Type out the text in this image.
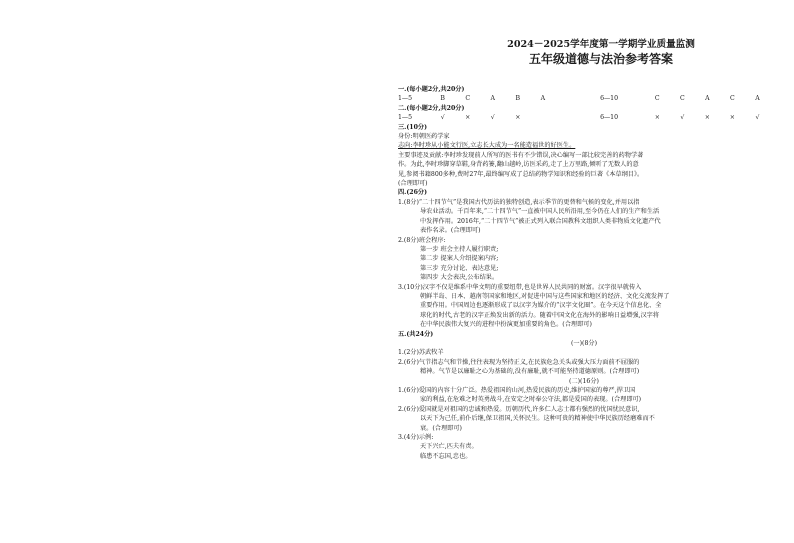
2024－2025学年度第一学期学业质量监测
五年级道德与法治参考答案
一.(每小题2分,共20分)
1—5	B	C	A	B	A	6—10	C	C	A	C	A
二.(每小题2分,共20分)
1—5	√	×	√	×	6—10	×	√	×	×	√
三.(10分)
身份:明朝医药学家
志向:李时珍从小能文行医,立志长大成为一名能造福世的好医生。
主要事迹及贡献:李时珍发现前人所写的医书有不少错误,决心编写一部比较完善的药物学著
作。为此,李时珍脚穿草鞋,身背药篓,翻山越岭,访医采药,走了上万里路,倾听了无数人的意
见,参阅书籍800多种,费时27年,最终编写成了总结药物学知识和经验的巨著《本草纲目》。
(合理即可)
四.(26分)
1.(8分)“二十四节气”是我国古代历法的独特创造,表示季节的更替和气候的变化,并用以指
导农业活动。千百年来,“二十四节气”一直被中国人民所沿用,至今仍在人们的生产和生活
中发挥作用。2016年,“二十四节气”被正式列入联合国教科文组织人类非物质文化遗产代
表作名录。(合理即可)
2.(8分)班会程序:
第一步 班会主持人履行职责;
第二步 提案人介绍提案内容;
第三步 充分讨论、表达意见;
第四步 大会表决,公布结果。
3.(10分)汉字不仅是维系中华文明的重要纽带,也是世界人民共同的财富。汉字很早就传入
朝鲜半岛、日本、越南等国家和地区,对促进中国与这些国家和地区的经济、文化交流发挥了
重要作用。中国周边也逐渐形成了以汉字为媒介的“汉字文化圈”。在今天这个信息化、全
球化的时代,古老的汉字正焕发出新的活力。随着中国文化在海外的影响日益增强,汉字将
在中华民族伟大复兴的进程中扮演更加重要的角色。(合理即可)
五.(共24分)
(一)(8分)
1.(2分)苏武牧羊
2.(6分)气节指志气和节操,往往表现为坚持正义,在民族危急关头或强大压力面前不屈服的
精神。气节是以廉耻之心为基础的,没有廉耻,就不可能坚持道德原则。(合理即可)
(二)(16分)
1.(6分)爱国的内容十分广泛。热爱祖国的山河,热爱民族的历史,维护国家的尊严,捍卫国
家的利益,在危难之时英勇战斗,在安定之时奉公守法,都是爱国的表现。(合理即可)
2.(6分)爱国就是对祖国的忠诚和热爱。历朝历代,许多仁人志士都有强烈的忧国忧民意识,
以天下为己任,前仆后继,保卫祖国,关怀民生。这种可贵的精神使中华民族历经磨难而不
衰。(合理即可)
3.(4分)示例:
天下兴亡,匹夫有责。
临患不忘国,忠也。
